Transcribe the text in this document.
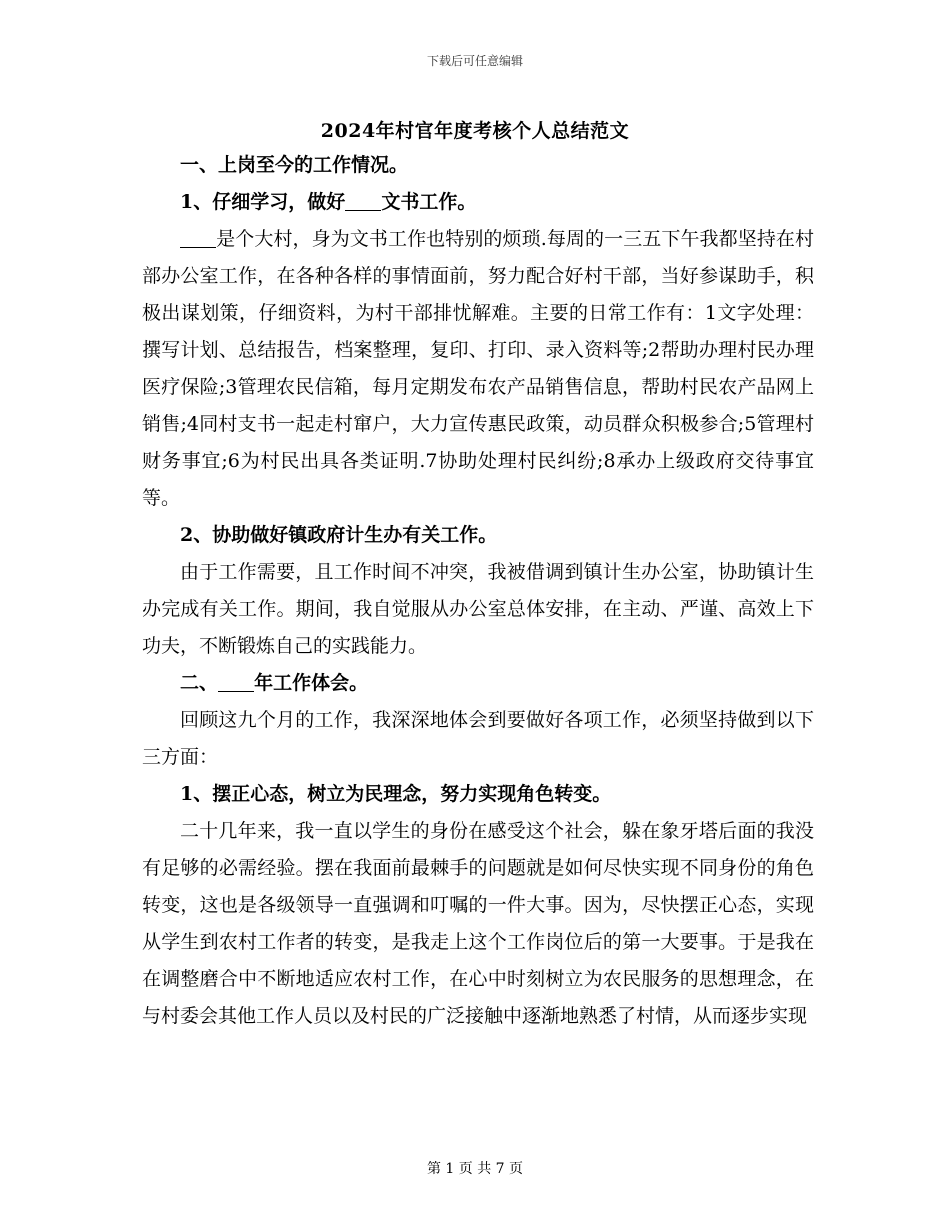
下载后可任意编辑
2024年村官年度考核个人总结范文

一、上岗至今的工作情况。

1、仔细学习，做好 文书工作。

是个大村，身为文书工作也特别的烦琐.每周的一三五下午我都坚持在村部办公室工作，在各种各样的事情面前，努力配合好村干部，当好参谋助手，积极出谋划策，仔细资料，为村干部排忧解难。主要的日常工作有：1文字处理：撰写计划、总结报告，档案整理，复印、打印、录入资料等;2帮助办理村民办理医疗保险;3管理农民信箱，每月定期发布农产品销售信息，帮助村民农产品网上销售;4同村支书一起走村窜户，大力宣传惠民政策，动员群众积极参合;5管理村财务事宜;6为村民出具各类证明.7协助处理村民纠纷;8承办上级政府交待事宜等。

2、协助做好镇政府计生办有关工作。

由于工作需要，且工作时间不冲突，我被借调到镇计生办公室，协助镇计生办完成有关工作。期间，我自觉服从办公室总体安排，在主动、严谨、高效上下功夫，不断锻炼自己的实践能力。

二、 年工作体会。

回顾这九个月的工作，我深深地体会到要做好各项工作，必须坚持做到以下三方面：

1、摆正心态，树立为民理念，努力实现角色转变。

二十几年来，我一直以学生的身份在感受这个社会，躲在象牙塔后面的我没有足够的必需经验。摆在我面前最棘手的问题就是如何尽快实现不同身份的角色转变，这也是各级领导一直强调和叮嘱的一件大事。因为，尽快摆正心态，实现从学生到农村工作者的转变，是我走上这个工作岗位后的第一大要事。于是我在在调整磨合中不断地适应农村工作，在心中时刻树立为农民服务的思想理念，在与村委会其他工作人员以及村民的广泛接触中逐渐地熟悉了村情，从而逐步实现

第 1 页 共 7 页
